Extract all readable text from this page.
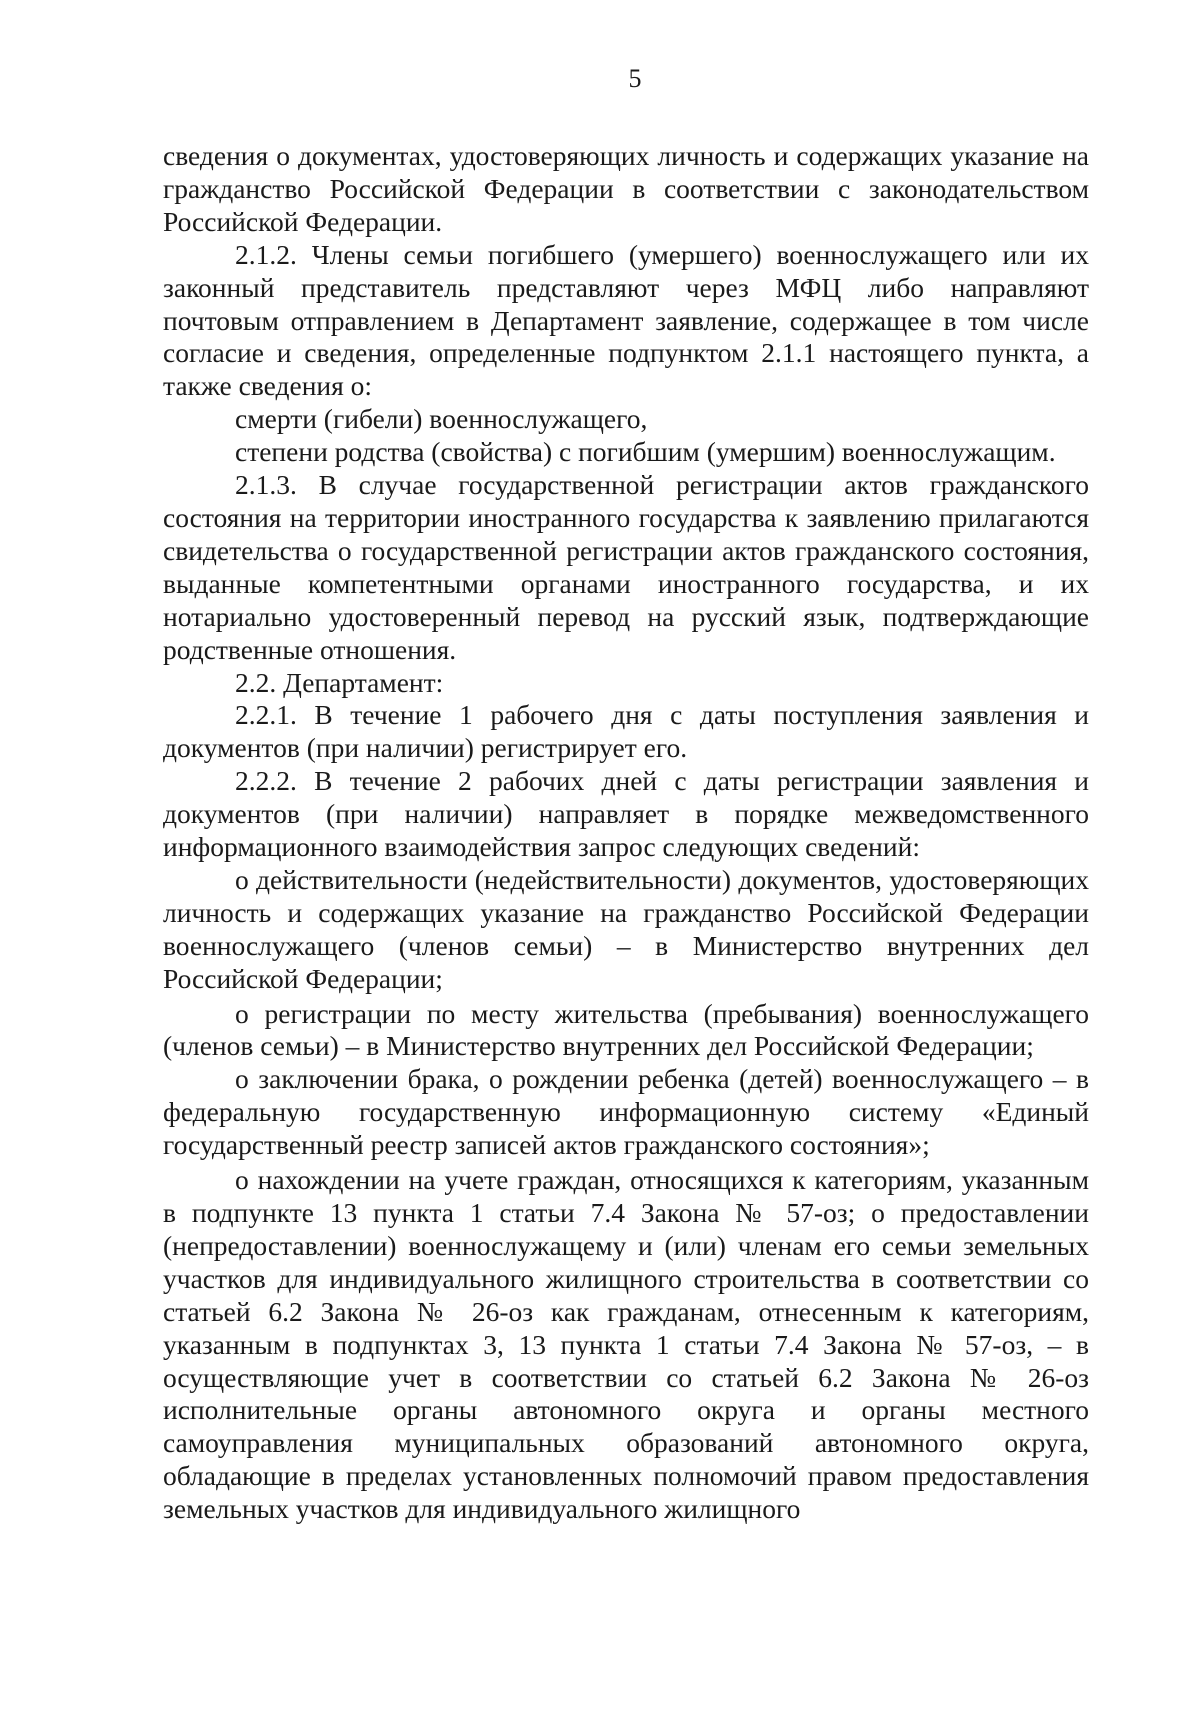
5

сведения о документах, удостоверяющих личность и содержащих указание на гражданство Российской Федерации в соответствии с законодательством Российской Федерации.

2.1.2. Члены семьи погибшего (умершего) военнослужащего или их законный представитель представляют через МФЦ либо направляют почтовым отправлением в Департамент заявление, содержащее в том числе согласие и сведения, определенные подпунктом 2.1.1 настоящего пункта, а также сведения о:

смерти (гибели) военнослужащего,

степени родства (свойства) с погибшим (умершим) военнослужащим.

2.1.3. В случае государственной регистрации актов гражданского состояния на территории иностранного государства к заявлению прилагаются свидетельства о государственной регистрации актов гражданского состояния, выданные компетентными органами иностранного государства, и их нотариально удостоверенный перевод на русский язык, подтверждающие родственные отношения.

2.2. Департамент:

2.2.1. В течение 1 рабочего дня с даты поступления заявления и документов (при наличии) регистрирует его.

2.2.2. В течение 2 рабочих дней с даты регистрации заявления и документов (при наличии) направляет в порядке межведомственного информационного взаимодействия запрос следующих сведений:

о действительности (недействительности) документов, удостоверяющих личность и содержащих указание на гражданство Российской Федерации военнослужащего (членов семьи) – в Министерство внутренних дел Российской Федерации;

о регистрации по месту жительства (пребывания) военнослужащего (членов семьи) – в Министерство внутренних дел Российской Федерации;

о заключении брака, о рождении ребенка (детей) военнослужащего – в федеральную государственную информационную систему «Единый государственный реестр записей актов гражданского состояния»;

о нахождении на учете граждан, относящихся к категориям, указанным в подпункте 13 пункта 1 статьи 7.4 Закона № 57-оз; о предоставлении (непредоставлении) военнослужащему и (или) членам его семьи земельных участков для индивидуального жилищного строительства в соответствии со статьей 6.2 Закона № 26-оз как гражданам, отнесенным к категориям, указанным в подпунктах 3, 13 пункта 1 статьи 7.4 Закона № 57-оз, – в осуществляющие учет в соответствии со статьей 6.2 Закона № 26-оз исполнительные органы автономного округа и органы местного самоуправления муниципальных образований автономного округа, обладающие в пределах установленных полномочий правом предоставления земельных участков для индивидуального жилищного
